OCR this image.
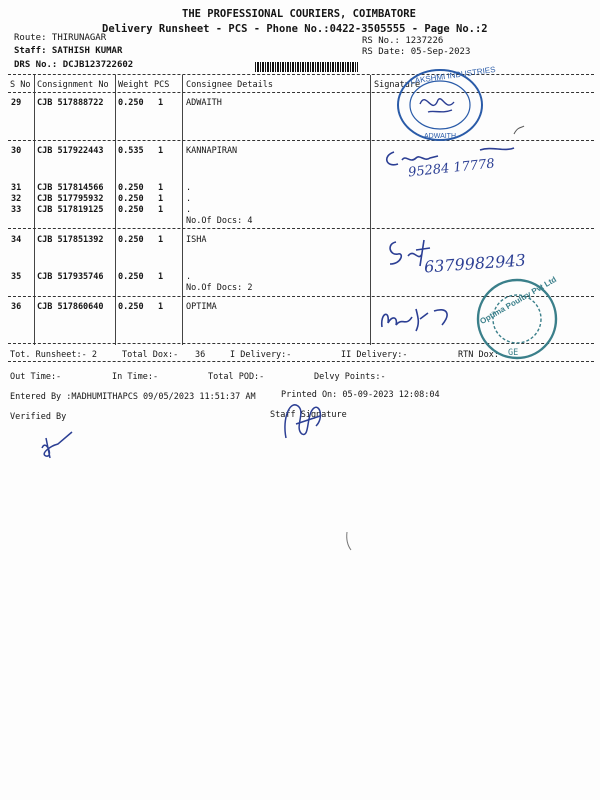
THE PROFESSIONAL COURIERS, COIMBATORE
Delivery Runsheet - PCS - Phone No.:0422-3505555 - Page No.:2
Route: THIRUNAGAR
Staff: SATHISH KUMAR
DRS No.: DCJB123722602
RS No.: 1237226
RS Date: 05-Sep-2023
S No Consignment No Weight PCS Consignee Details	Signature
29 CJB 517888722 0.250 1	ADWAITH
30 CJB 517922443 0.535 1	KANNAPIRAN
31 CJB 517814566 0.250 1	.
32 CJB 517795932 0.250 1	.
33 CJB 517819125 0.250 1	.
No.Of Docs: 4
34 CJB 517851392 0.250 1	ISHA
35 CJB 517935746 0.250 1	.
No.Of Docs: 2
36 CJB 517860640 0.250 1	OPTIMA
Tot. Runsheet:- 2	Total Dox:- 36	I Delivery:-	II Delivery:-	RTN Dox:-
Out Time:-	In Time:-	Total POD:-	Delvy Points:-
Entered By :MADHUMITHAPCS 09/05/2023 11:51:37 AM	Printed On: 05-09-2023 12:08:04
Verified By	Staff Signature
95284 17778
6379982943
LAKSHMI INDUSTRIES
ADWAITH
Optima Poultry Pvt Ltd
GE
